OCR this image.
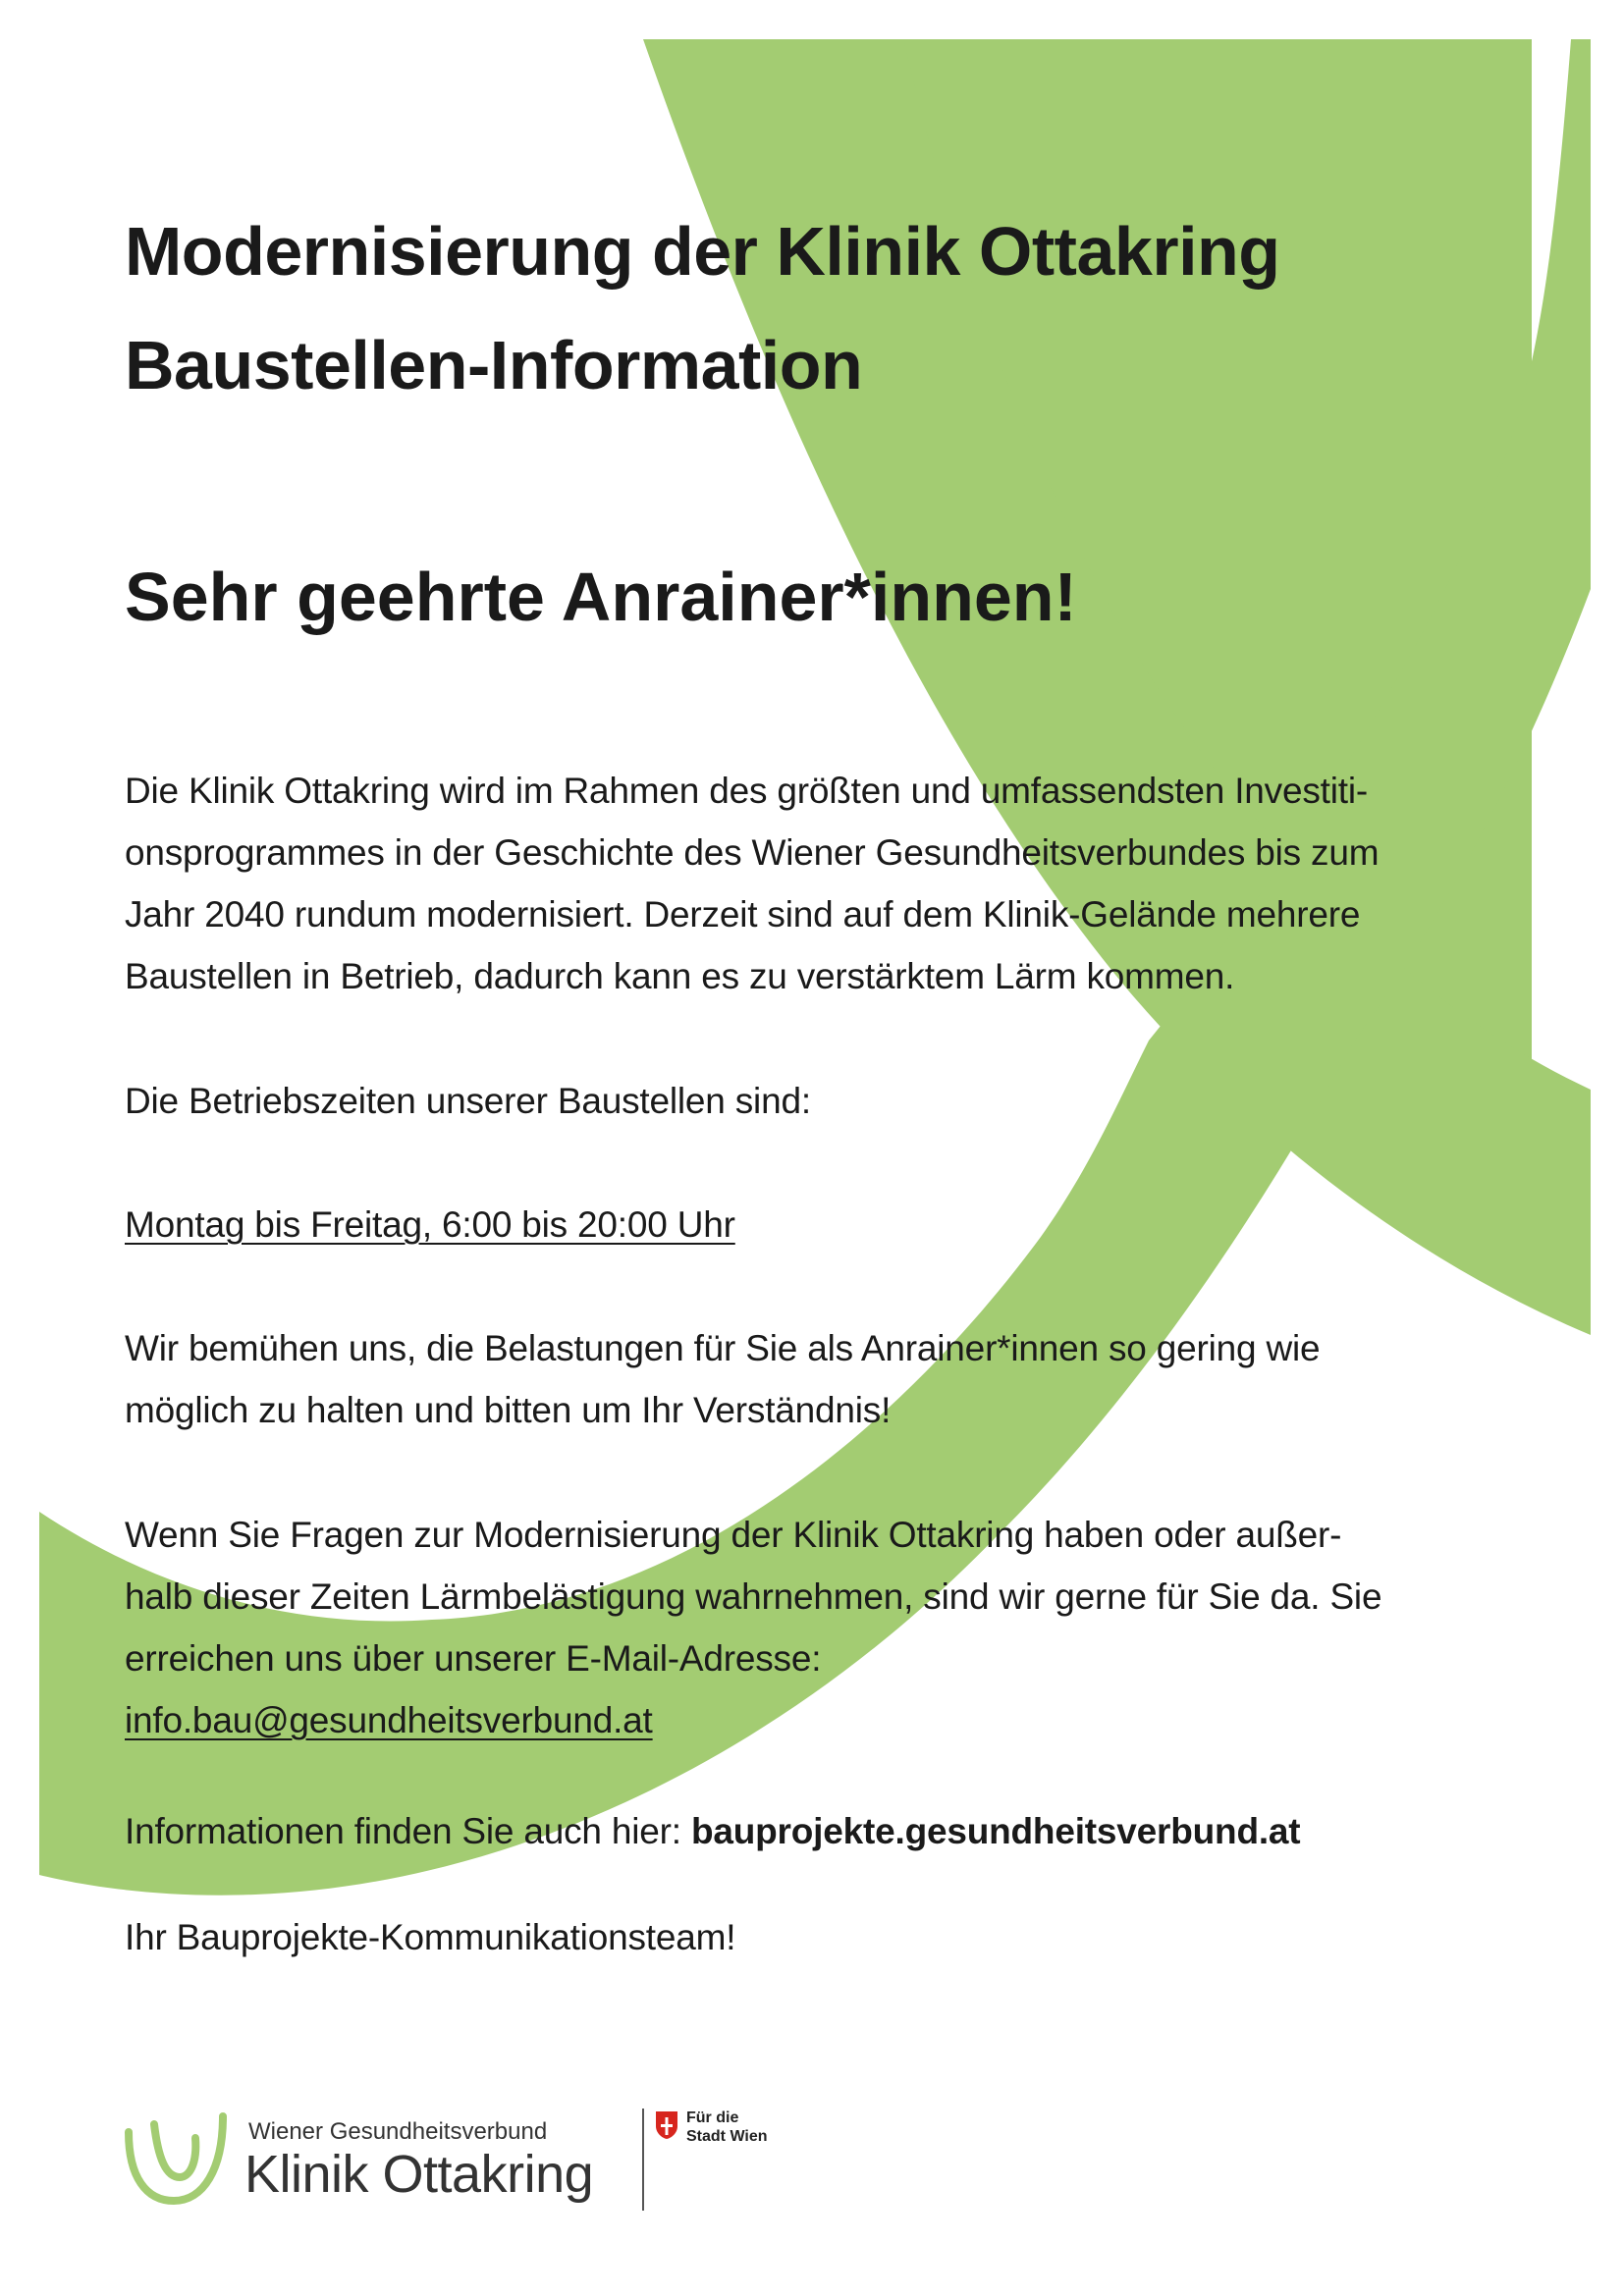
Modernisierung der Klinik Ottakring
Baustellen-Information
Sehr geehrte Anrainer*innen!

Die Klinik Ottakring wird im Rahmen des größten und umfassendsten Investiti-
onsprogrammes in der Geschichte des Wiener Gesundheitsverbundes bis zum
Jahr 2040 rundum modernisiert. Derzeit sind auf dem Klinik-Gelände mehrere
Baustellen in Betrieb, dadurch kann es zu verstärktem Lärm kommen.

Die Betriebszeiten unserer Baustellen sind:

Montag bis Freitag, 6:00 bis 20:00 Uhr

Wir bemühen uns, die Belastungen für Sie als Anrainer*innen so gering wie
möglich zu halten und bitten um Ihr Verständnis!

Wenn Sie Fragen zur Modernisierung der Klinik Ottakring haben oder außer-
halb dieser Zeiten Lärmbelästigung wahrnehmen, sind wir gerne für Sie da. Sie
erreichen uns über unserer E-Mail-Adresse:
info.bau@gesundheitsverbund.at

Informationen finden Sie auch hier: bauprojekte.gesundheitsverbund.at

Ihr Bauprojekte-Kommunikationsteam!

Wiener Gesundheitsverbund
Klinik Ottakring
Für die
Stadt Wien
